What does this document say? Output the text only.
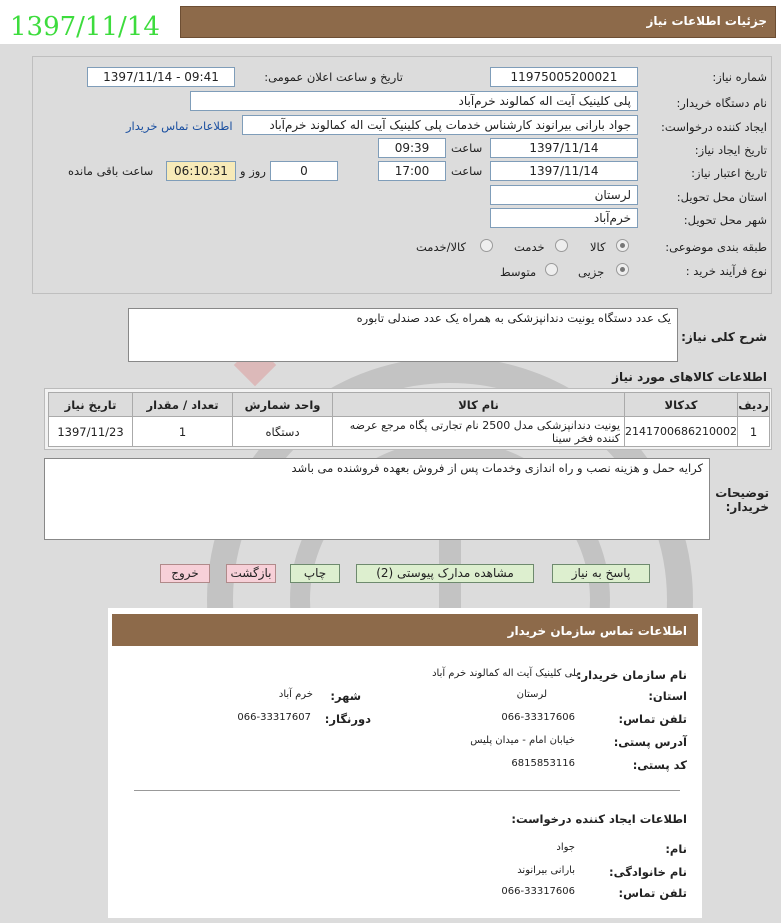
جزئیات اطلاعات نیاز
1397/11/14
شماره نیاز:
11975005200021
تاریخ و ساعت اعلان عمومی:
1397/11/14 - 09:41
نام دستگاه خریدار:
پلی کلینیک آیت اله کمالوند خرم‌آباد
ایجاد کننده درخواست:
جواد بارانی بیرانوند کارشناس خدمات پلی کلینیک آیت اله کمالوند خرم‌آباد
اطلاعات تماس خریدار
تاریخ ایجاد نیاز:
1397/11/14
ساعت
09:39
تاریخ اعتبار نیاز:
1397/11/14
ساعت
17:00
0
روز و
06:10:31
ساعت باقی مانده
استان محل تحویل:
لرستان
شهر محل تحویل:
خرم‌آباد
طبقه بندی موضوعی:
کالا
خدمت
کالا/خدمت
نوع فرآیند خرید :
جزیی
متوسط
شرح کلی نیاز:
یک عدد دستگاه یونیت دندانپزشکی به همراه یک عدد صندلی تابوره
اطلاعات کالاهای مورد نیاز
ردیف	کدکالا	نام کالا	واحد شمارش	تعداد / مقدار	تاریخ نیاز
1	2141700686210002	یونیت دندانپزشکی مدل 2500 نام تجارتی پگاه مرجع عرضه کننده فخر سینا	دستگاه	1	1397/11/23
توضیحات خریدار:
کرایه حمل و هزینه نصب و راه اندازی وخدمات پس از فروش بعهده فروشنده می باشد
پاسخ به نیاز
مشاهده مدارک پیوستی (2)
چاپ
بازگشت
خروج
اطلاعات تماس سازمان خریدار
نام سازمان خریدار:
پلی کلینیک آیت اله کمالوند خرم آباد
استان:
لرستان
شهر:
خرم آباد
تلفن تماس:
066-33317606
دورنگار:
066-33317607
آدرس پستی:
خیابان امام - میدان پلیس
کد پستی:
6815853116
اطلاعات ایجاد کننده درخواست:
نام:
جواد
نام خانوادگی:
بارانی بیرانوند
تلفن تماس:
066-33317606
